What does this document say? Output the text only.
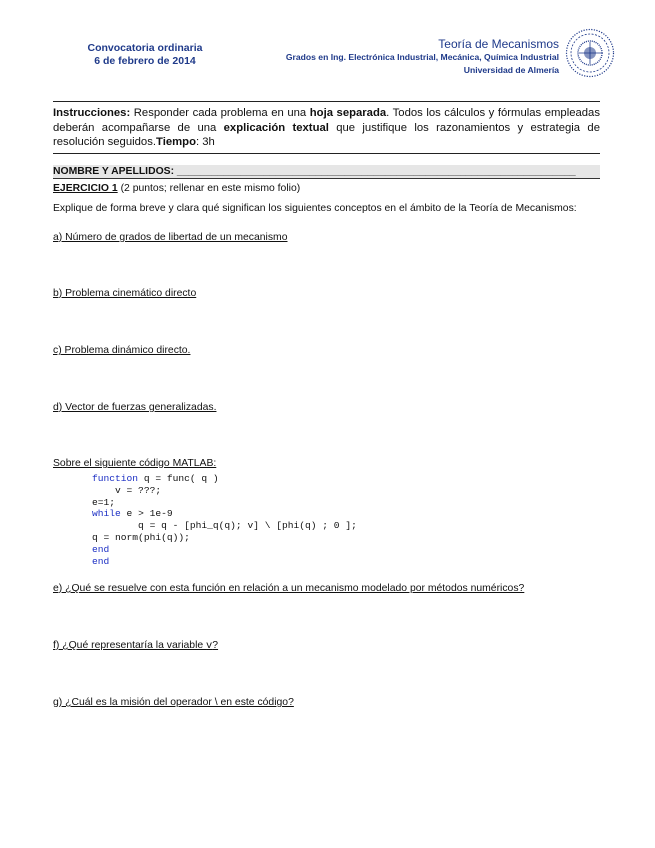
Convocatoria ordinaria
6 de febrero de 2014
Teoría de Mecanismos
Grados en Ing. Electrónica Industrial, Mecánica, Química Industrial
Universidad de Almería
Instrucciones: Responder cada problema en una hoja separada. Todos los cálculos y fórmulas empleadas deberán acompañarse de una explicación textual que justifique los razonamientos y estrategia de resolución seguidos.Tiempo: 3h
NOMBRE Y APELLIDOS: _____________________________________________________________________
EJERCICIO 1 (2 puntos; rellenar en este mismo folio)
Explique de forma breve y clara qué significan los siguientes conceptos en el ámbito de la Teoría de Mecanismos:
a) Número de grados de libertad de un mecanismo
b) Problema cinemático directo
c) Problema dinámico directo.
d) Vector de fuerzas generalizadas.
Sobre el siguiente código MATLAB:
function q = func( q )
v = ???;
e=1;
while e > 1e-9
q = q - [phi_q(q); v] \ [phi(q) ; 0 ];
q = norm(phi(q));
end
end
e) ¿Qué se resuelve con esta función en relación a un mecanismo modelado por métodos numéricos?
f) ¿Qué representaría la variable v?
g) ¿Cuál es la misión del operador \ en este código?
